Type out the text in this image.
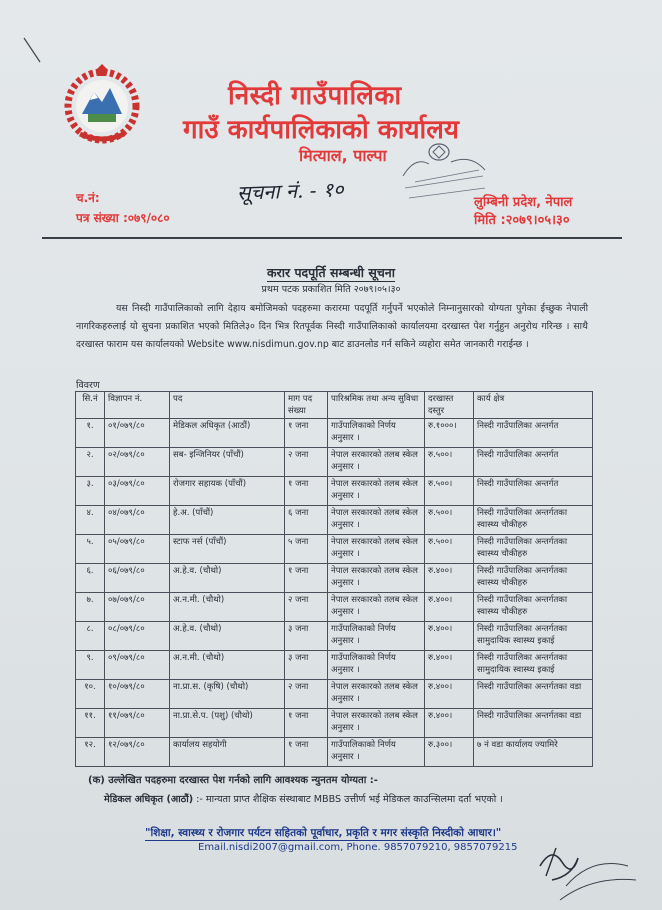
निस्दी गाउँपालिका
गाउँ कार्यपालिकाको कार्यालय
मित्याल, पाल्पा
सूचना नं. - १०
च.नं:
पत्र संख्या :०७९/०८०
लुम्बिनी प्रदेश, नेपाल
मिति :२०७९।०५।३०
करार पदपूर्ति सम्बन्धी सूचना
प्रथम पटक प्रकाशित मिति २०७९।०५।३०
यस निस्दी गाउँपालिकाको लागि देहाय बमोजिमको पदहरुमा करारमा पदपूर्ति गर्नुपर्ने भएकोले निम्नानुसारको योग्यता पुगेका ईच्छुक नेपाली नागरिकहरुलाई यो सुचना प्रकाशित भएको मितिले३० दिन भित्र रितपूर्वक निस्दी गाउँपालिकाको कार्यालयमा दरखास्त पेश गर्नुहुन अनुरोध गरिन्छ । साथै दरखास्त फाराम यस कार्यालयको Website www.nisdimun.gov.np बाट डाउनलोड गर्न सकिने व्यहोरा समेत जानकारी गराईन्छ ।
विवरण
सि.नं	विज्ञापन नं.	पद	माग पद संख्या	पारिश्रमिक तथा अन्य सुविधा	दरखास्त दस्तुर	कार्य क्षेत्र
१.	०१/०७९/८०	मेडिकल अधिकृत (आठौं)	१ जना	गाउँपालिकाको निर्णय अनुसार ।	रु.१०००।	निस्दी गाउँपालिका अन्तर्गत
२.	०२/०७९/८०	सब- इन्जिनियर (पाँचौं)	२ जना	नेपाल सरकारको तलब स्केल अनुसार ।	रु.५००।	निस्दी गाउँपालिका अन्तर्गत
३.	०३/०७९/८०	रोजगार सहायक (पाँचौं)	१ जना	नेपाल सरकारको तलब स्केल अनुसार ।	रु.५००।	निस्दी गाउँपालिका अन्तर्गत
४.	०४/०७९/८०	हे.अ. (पाँचौं)	६ जना	नेपाल सरकारको तलब स्केल अनुसार ।	रु.५००।	निस्दी गाउँपालिका अन्तर्गतका स्वास्थ्य चौकीहरु
५.	०५/०७९/८०	स्टाफ नर्स (पाँचौं)	५ जना	नेपाल सरकारको तलब स्केल अनुसार ।	रु.५००।	निस्दी गाउँपालिका अन्तर्गतका स्वास्थ्य चौकीहरु
६.	०६/०७९/८०	अ.हे.व. (चौथो)	१ जना	नेपाल सरकारको तलब स्केल अनुसार ।	रु.४००।	निस्दी गाउँपालिका अन्तर्गतका स्वास्थ्य चौकीहरु
७.	०७/०७९/८०	अ.न.मी. (चौथो)	२ जना	नेपाल सरकारको तलब स्केल अनुसार ।	रु.४००।	निस्दी गाउँपालिका अन्तर्गतका स्वास्थ्य चौकीहरु
८.	०८/०७९/८०	अ.हे.व. (चौथो)	३ जना	गाउँपालिकाको निर्णय अनुसार ।	रु.४००।	निस्दी गाउँपालिका अन्तर्गतका सामुदायिक स्वास्थ्य इकाई
९.	०९/०७९/८०	अ.न.मी. (चौथो)	३ जना	गाउँपालिकाको निर्णय अनुसार ।	रु.४००।	निस्दी गाउँपालिका अन्तर्गतका सामुदायिक स्वास्थ्य इकाई
१०.	१०/०७९/८०	ना.प्रा.स. (कृषि) (चौथो)	२ जना	नेपाल सरकारको तलब स्केल अनुसार ।	रु.४००।	निस्दी गाउँपालिका अन्तर्गतका वडा
११.	११/०७९/८०	ना.प्रा.से.प. (पशु) (चौथो)	१ जना	नेपाल सरकारको तलब स्केल अनुसार ।	रु.४००।	निस्दी गाउँपालिका अन्तर्गतका वडा
१२.	१२/०७९/८०	कार्यालय सहयोगी	१ जना	गाउँपालिकाको निर्णय अनुसार ।	रु.३००।	७ नं वडा कार्यालय ज्यामिरे
(क) उल्लेखित पदहरुमा दरखास्त पेश गर्नको लागि आवश्यक न्युनतम योग्यता :-
मेडिकल अधिकृत (आठौं) :- मान्यता प्राप्त शैक्षिक संस्थाबाट MBBS उत्तीर्ण भई मेडिकल काउन्सिलमा दर्ता भएको ।
"शिक्षा, स्वास्थ्य र रोजगार पर्यटन सहितको पूर्वाधार, प्रकृति र मगर संस्कृति निस्दीको आधार।"
Email.nisdi2007@gmail.com, Phone. 9857079210, 9857079215
